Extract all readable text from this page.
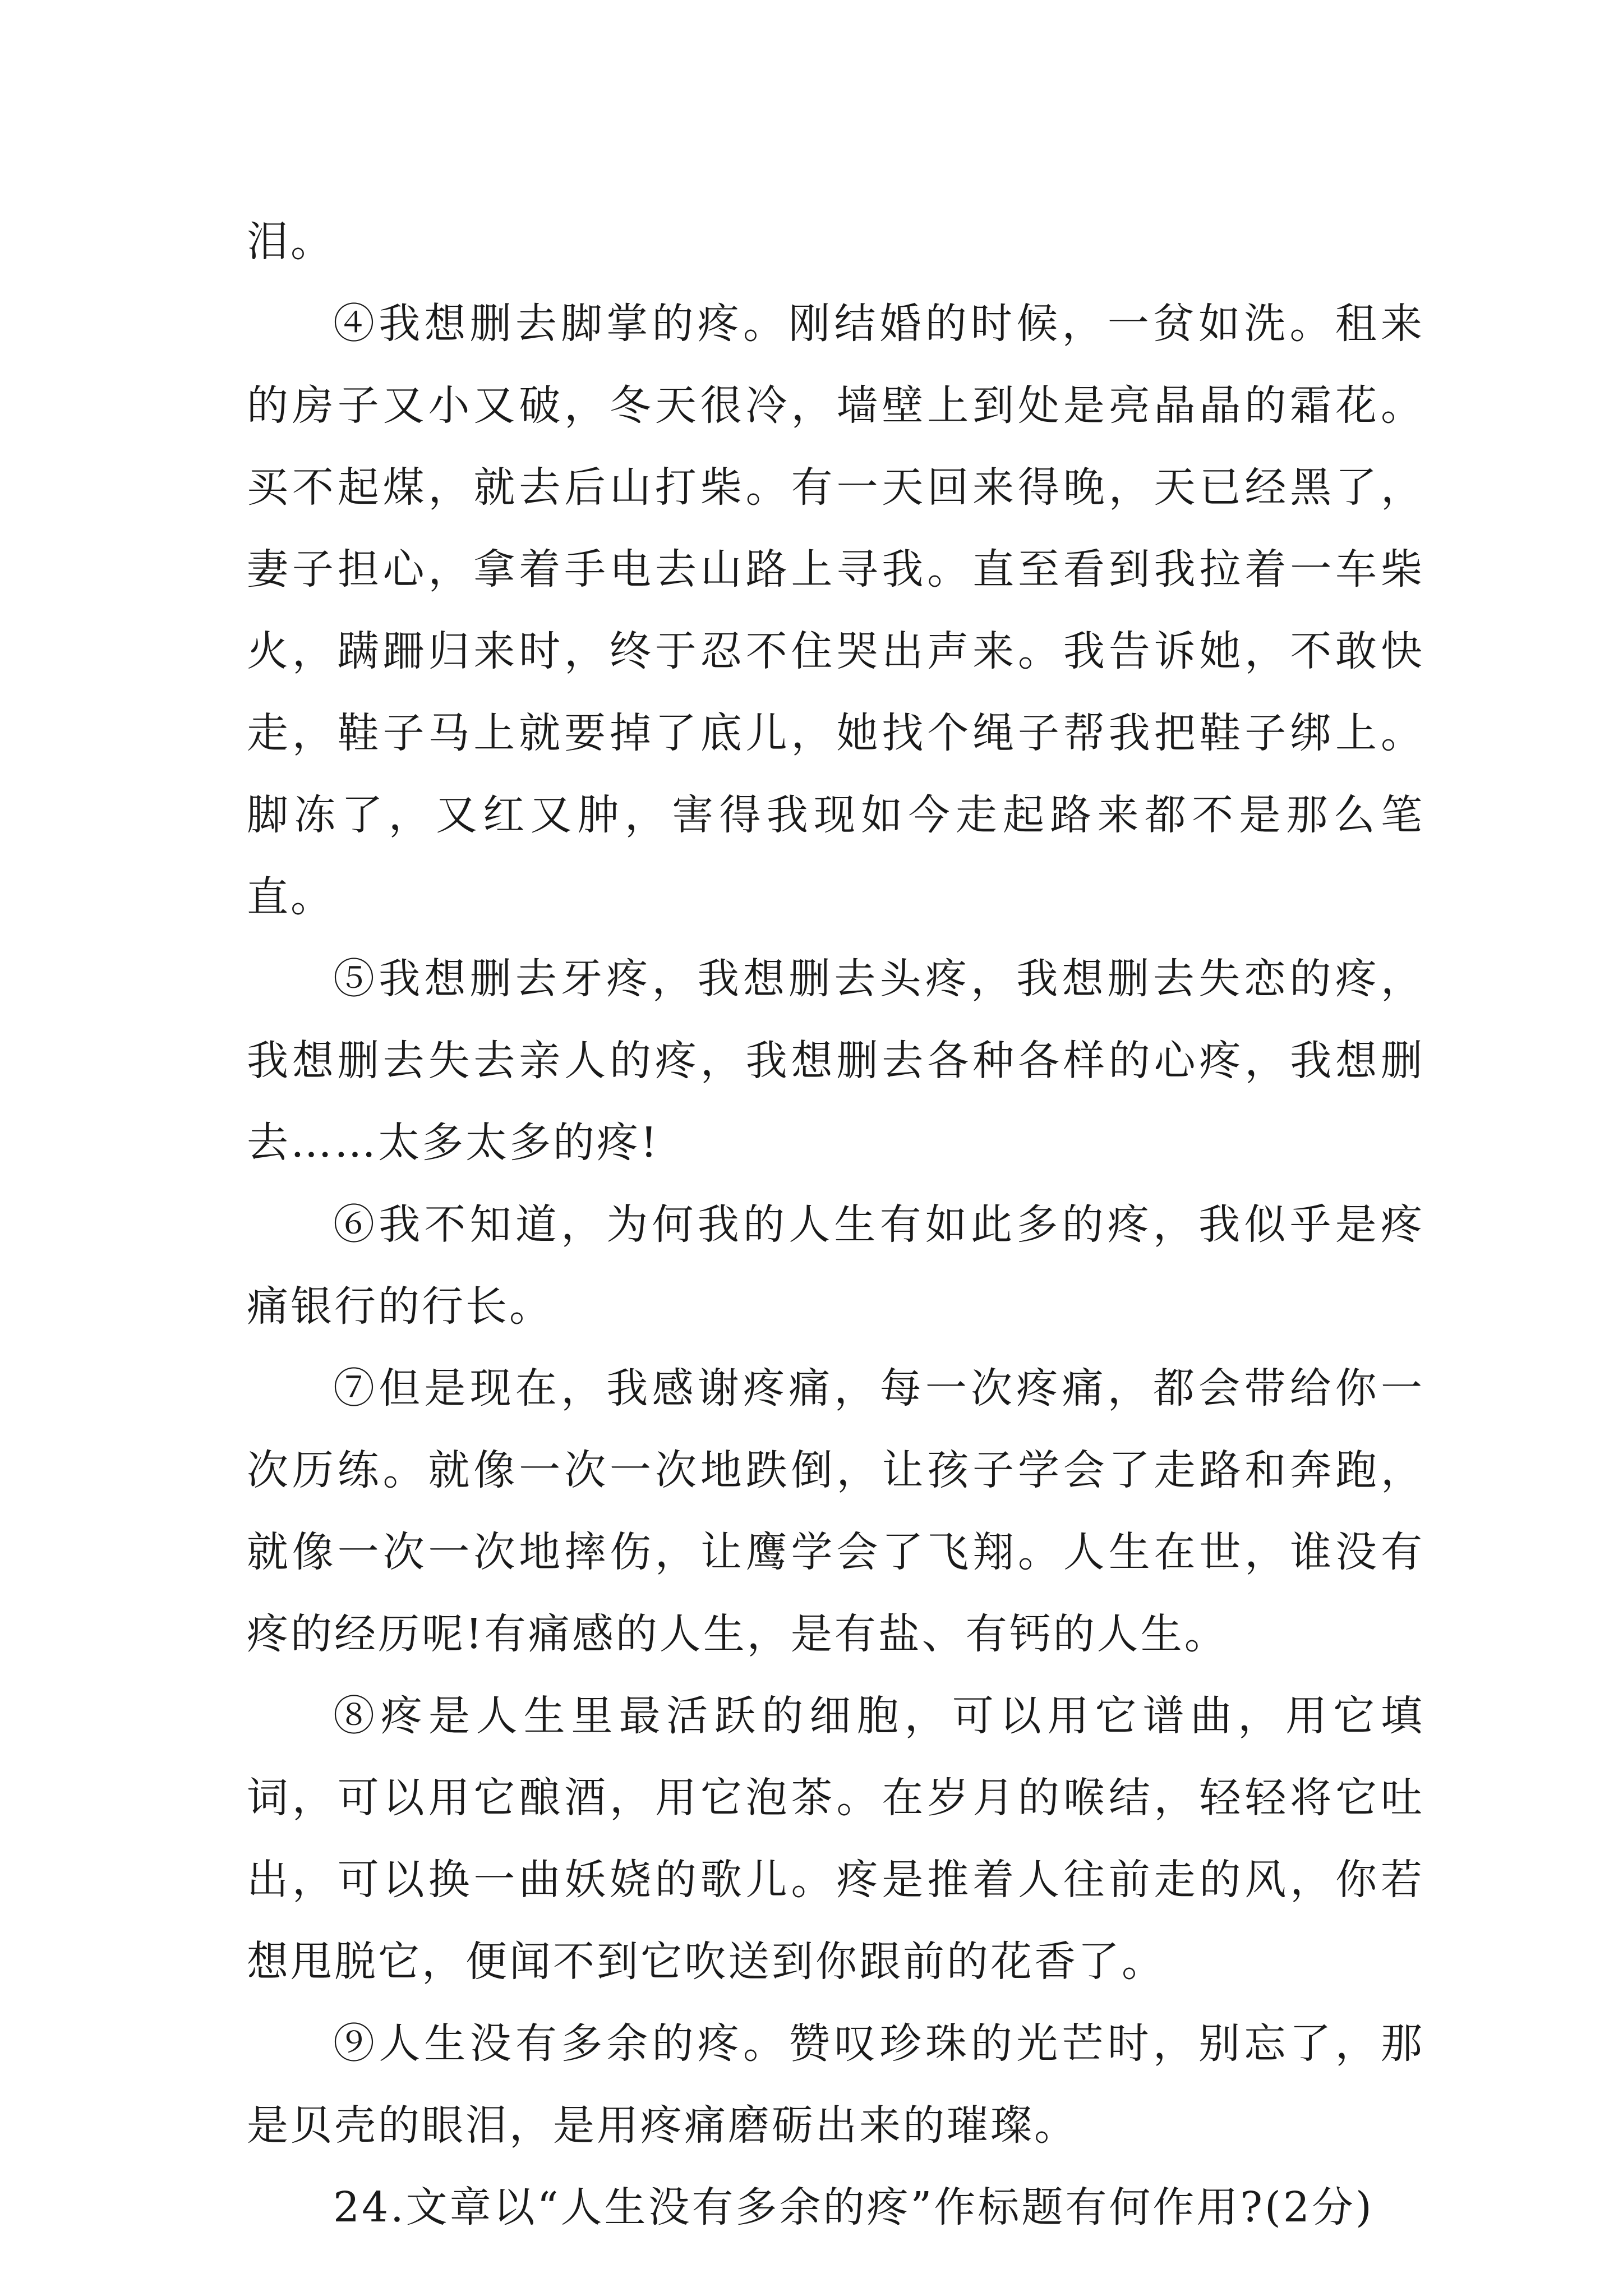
泪。

④我想删去脚掌的疼。刚结婚的时候，一贫如洗。租来的房子又小又破，冬天很冷，墙壁上到处是亮晶晶的霜花。买不起煤，就去后山打柴。有一天回来得晚，天已经黑了，妻子担心，拿着手电去山路上寻我。直至看到我拉着一车柴火，蹒跚归来时，终于忍不住哭出声来。我告诉她，不敢快走，鞋子马上就要掉了底儿，她找个绳子帮我把鞋子绑上。脚冻了，又红又肿，害得我现如今走起路来都不是那么笔直。

⑤我想删去牙疼，我想删去头疼，我想删去失恋的疼，我想删去失去亲人的疼，我想删去各种各样的心疼，我想删去……太多太多的疼!

⑥我不知道，为何我的人生有如此多的疼，我似乎是疼痛银行的行长。

⑦但是现在，我感谢疼痛，每一次疼痛，都会带给你一次历练。就像一次一次地跌倒，让孩子学会了走路和奔跑，就像一次一次地摔伤，让鹰学会了飞翔。人生在世，谁没有疼的经历呢!有痛感的人生，是有盐、有钙的人生。

⑧疼是人生里最活跃的细胞，可以用它谱曲，用它填词，可以用它酿酒，用它泡茶。在岁月的喉结，轻轻将它吐出，可以换一曲妖娆的歌儿。疼是推着人往前走的风，你若想甩脱它，便闻不到它吹送到你跟前的花香了。

⑨人生没有多余的疼。赞叹珍珠的光芒时，别忘了，那是贝壳的眼泪，是用疼痛磨砺出来的璀璨。

24.文章以“人生没有多余的疼”作标题有何作用?(2分)
